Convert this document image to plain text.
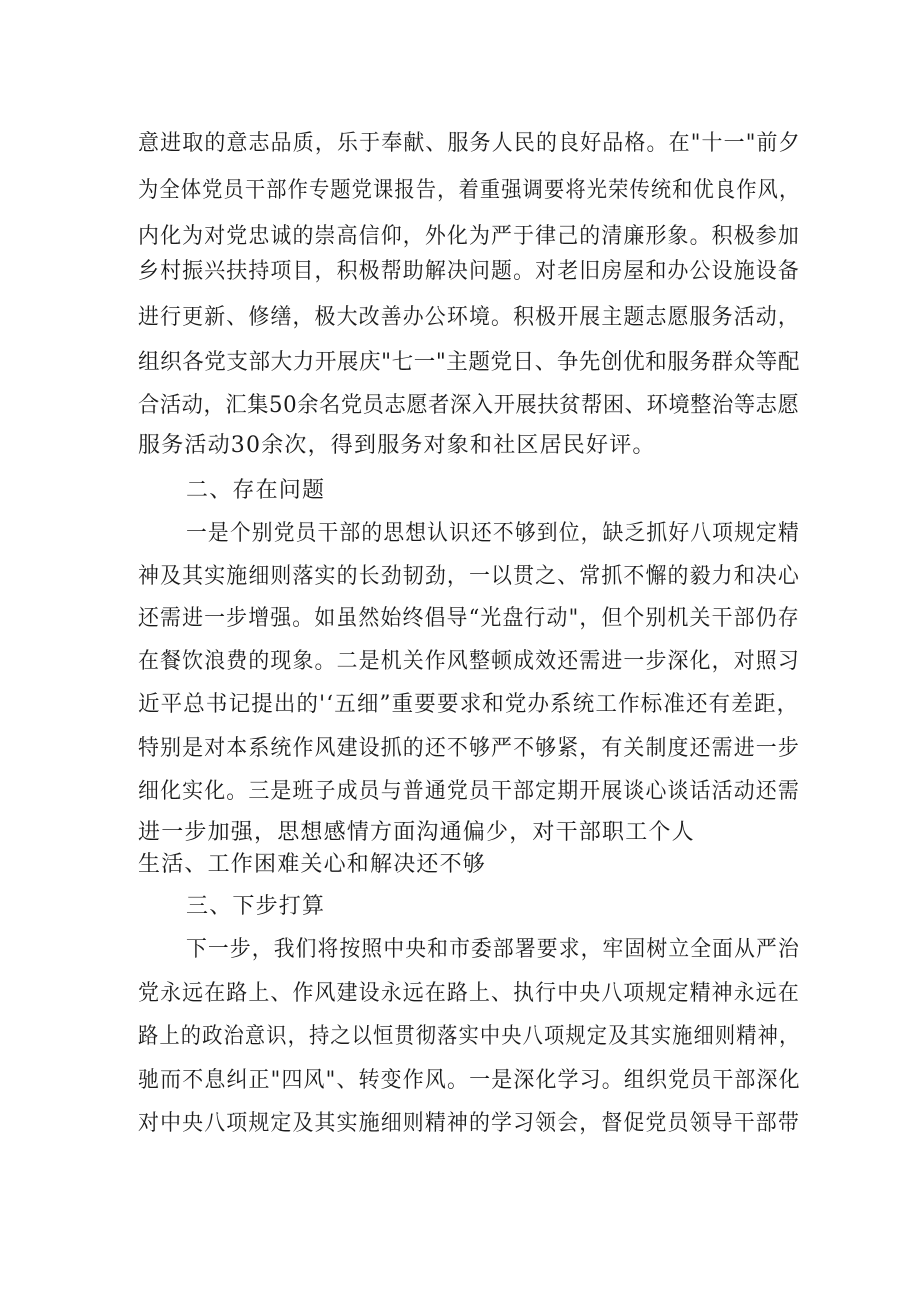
意进取的意志品质，乐于奉献、服务人民的良好品格。在"十一"前夕
为全体党员干部作专题党课报告，着重强调要将光荣传统和优良作风，
内化为对党忠诚的崇高信仰，外化为严于律己的清廉形象。积极参加
乡村振兴扶持项目，积极帮助解决问题。对老旧房屋和办公设施设备
进行更新、修缮，极大改善办公环境。积极开展主题志愿服务活动，
组织各党支部大力开展庆"七一"主题党日、争先创优和服务群众等配
合活动，汇集50余名党员志愿者深入开展扶贫帮困、环境整治等志愿
服务活动30余次，得到服务对象和社区居民好评。
二、存在问题
一是个别党员干部的思想认识还不够到位，缺乏抓好八项规定精
神及其实施细则落实的长劲韧劲，一以贯之、常抓不懈的毅力和决心
还需进一步增强。如虽然始终倡导“光盘行动"，但个别机关干部仍存
在餐饮浪费的现象。二是机关作风整顿成效还需进一步深化，对照习
近平总书记提出的'‘五细”重要要求和党办系统工作标准还有差距，
特别是对本系统作风建设抓的还不够严不够紧，有关制度还需进一步
细化实化。三是班子成员与普通党员干部定期开展谈心谈话活动还需
进一步加强，思想感情方面沟通偏少，对干部职工个人
生活、工作困难关心和解决还不够
三、下步打算
下一步，我们将按照中央和市委部署要求，牢固树立全面从严治
党永远在路上、作风建设永远在路上、执行中央八项规定精神永远在
路上的政治意识，持之以恒贯彻落实中央八项规定及其实施细则精神，
驰而不息纠正"四风"、转变作风。一是深化学习。组织党员干部深化
对中央八项规定及其实施细则精神的学习领会，督促党员领导干部带
